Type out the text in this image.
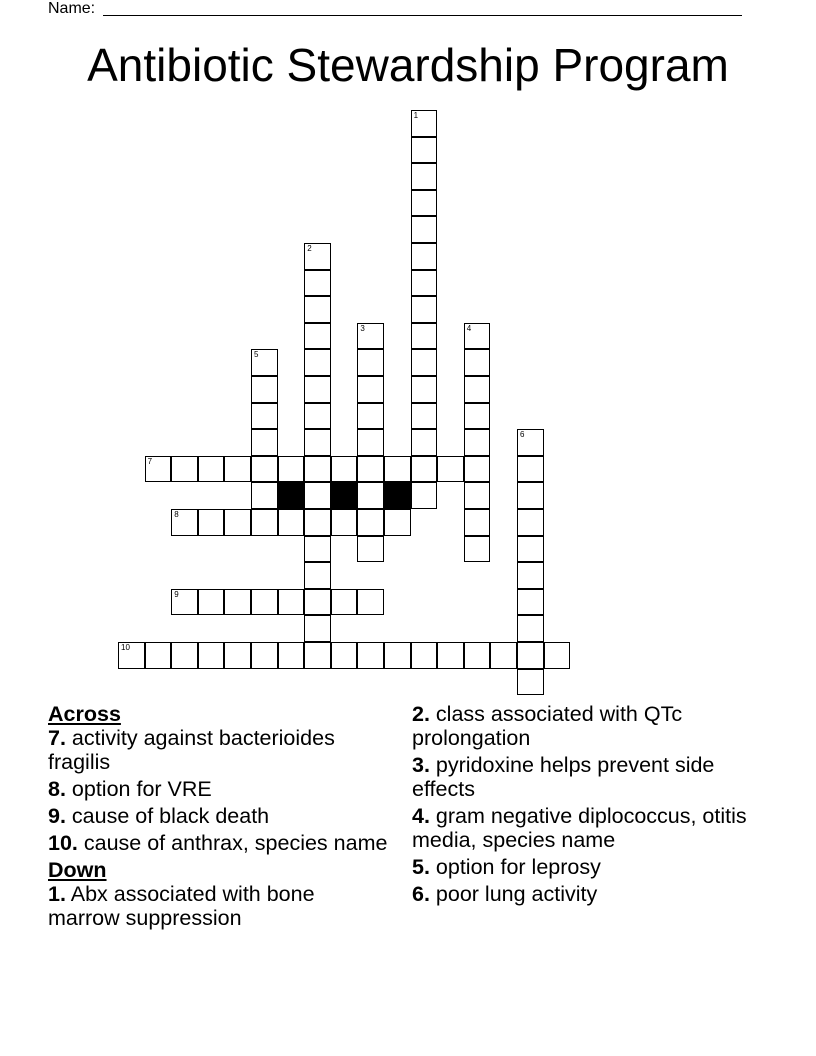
Name:
Antibiotic Stewardship Program
1
2
3	4
5
6
7
8
9
10
Across
7. activity against bacterioides fragilis
8. option for VRE
9. cause of black death
10. cause of anthrax, species name
Down
1. Abx associated with bone marrow suppression
2. class associated with QTc prolongation
3. pyridoxine helps prevent side effects
4. gram negative diplococcus, otitis media, species name
5. option for leprosy
6. poor lung activity
